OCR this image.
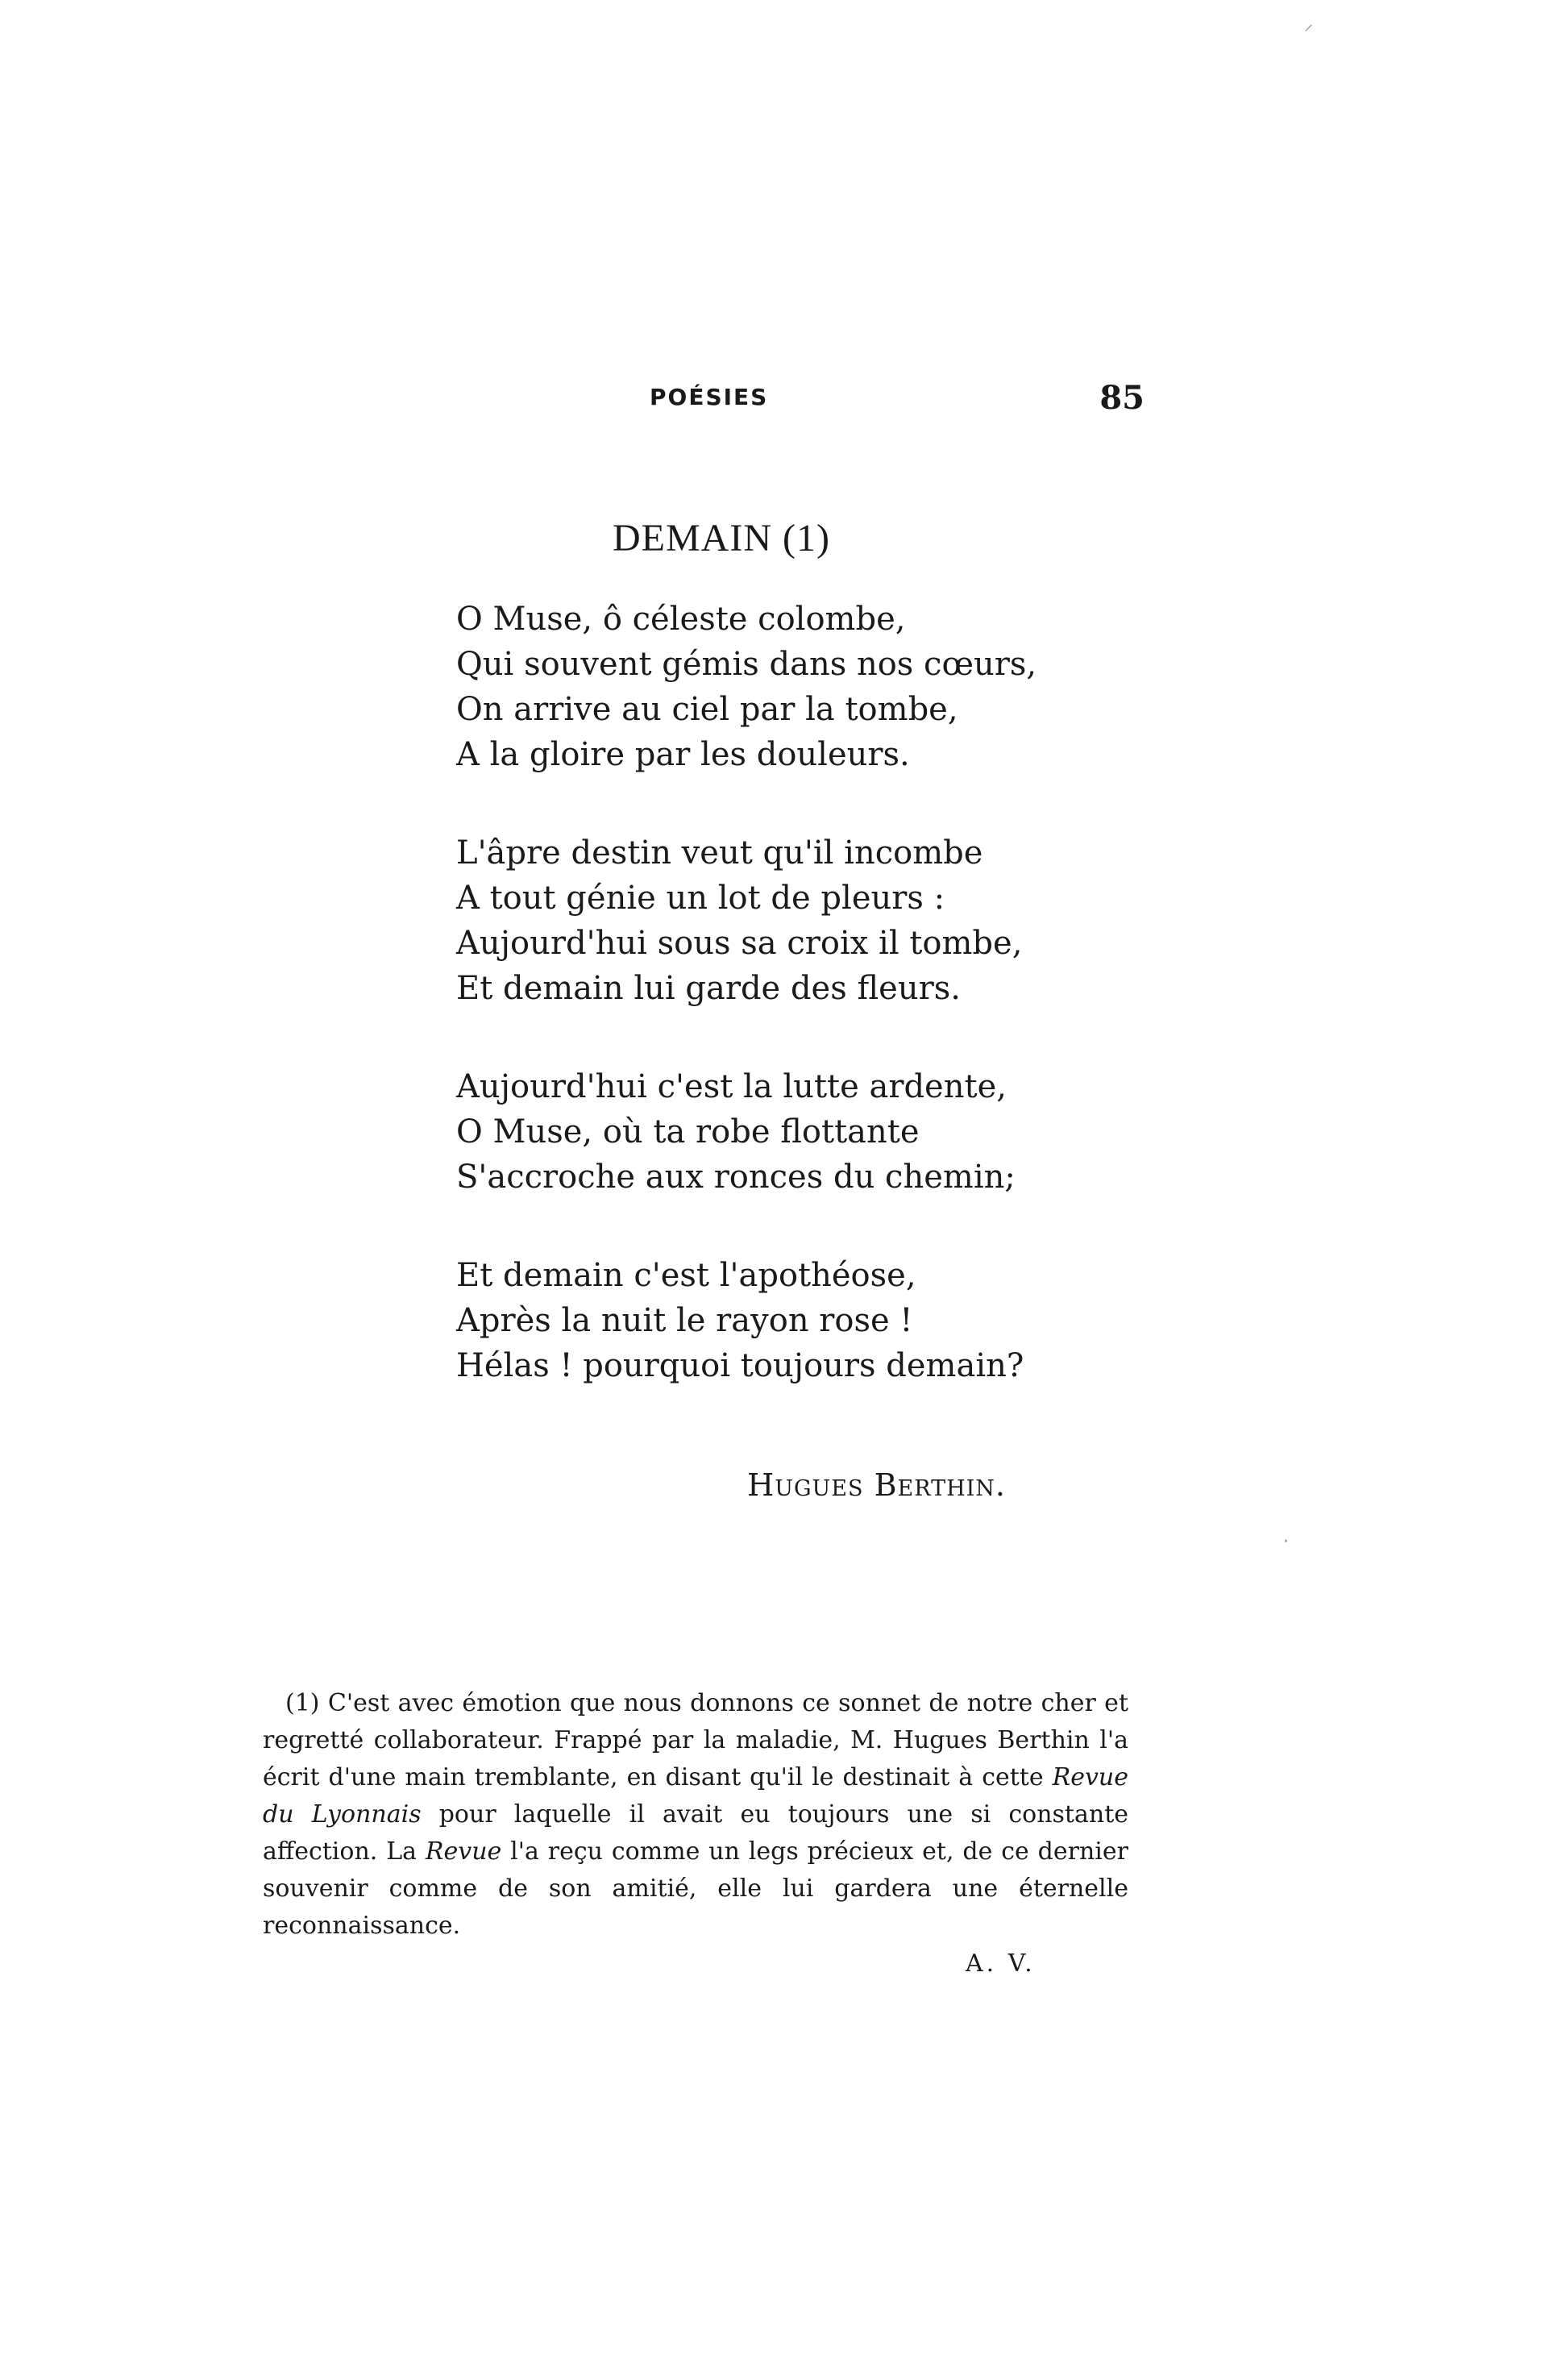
POÉSIES	85
DEMAIN (1)
O Muse, ô céleste colombe,
Qui souvent gémis dans nos cœurs,
On arrive au ciel par la tombe,
A la gloire par les douleurs.
L'âpre destin veut qu'il incombe
A tout génie un lot de pleurs :
Aujourd'hui sous sa croix il tombe,
Et demain lui garde des fleurs.
Aujourd'hui c'est la lutte ardente,
O Muse, où ta robe flottante
S'accroche aux ronces du chemin;
Et demain c'est l'apothéose,
Après la nuit le rayon rose !
Hélas ! pourquoi toujours demain?
Hugues Berthin.
(1) C'est avec émotion que nous donnons ce sonnet de notre cher et regretté collaborateur. Frappé par la maladie, M. Hugues Berthin l'a écrit d'une main tremblante, en disant qu'il le destinait à cette Revue du Lyonnais pour laquelle il avait eu toujours une si constante affection. La Revue l'a reçu comme un legs précieux et, de ce dernier souvenir comme de son amitié, elle lui gardera une éternelle reconnaissance.
A. V.
⸝
·
